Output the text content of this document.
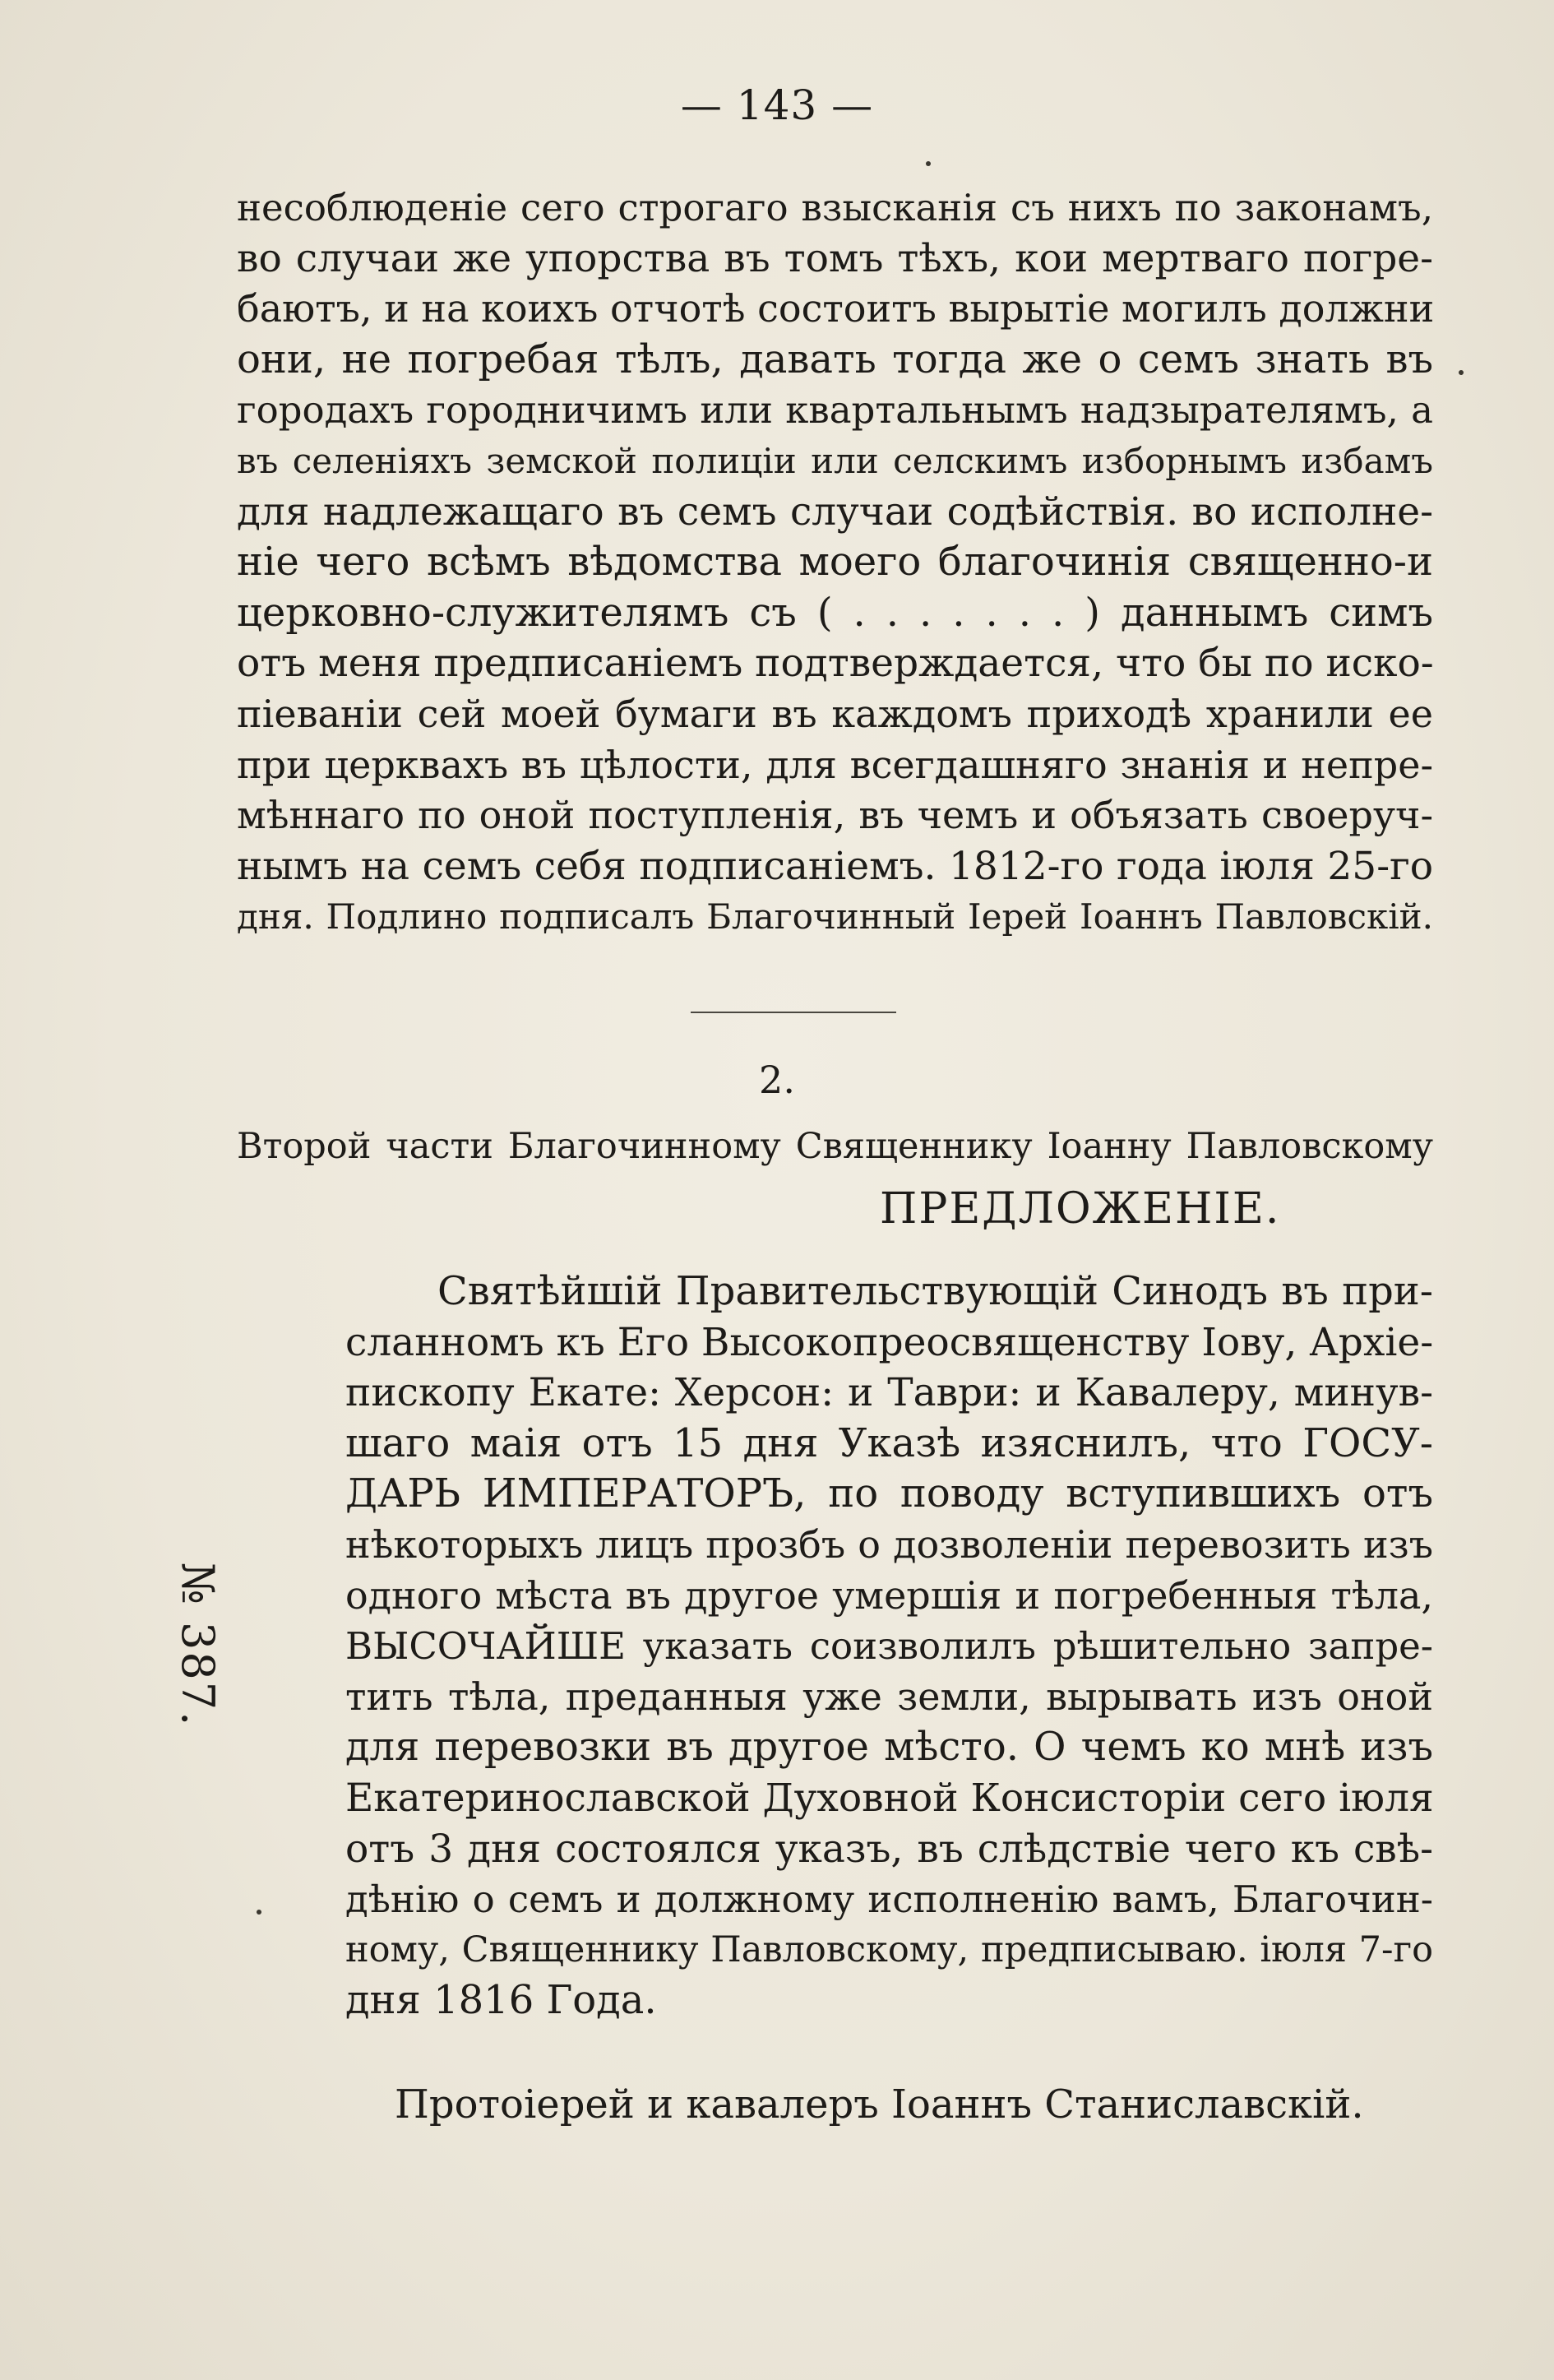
— 143 —
несоблюденіе сего строгаго взысканія съ нихъ по законамъ,
во случаи же упорства въ томъ тѣхъ, кои мертваго погре-
баютъ, и на коихъ отчотѣ состоитъ вырытіе могилъ должни
они, не погребая тѣлъ, давать тогда же о семъ знать въ
городахъ городничимъ или квартальнымъ надзырателямъ, а
въ селеніяхъ земской полиціи или селскимъ изборнымъ избамъ
для надлежащаго въ семъ случаи содѣйствія. во исполне-
ніе чего всѣмъ вѣдомства моего благочинія священно-и
церковно-служителямъ съ ( . . . . . . . ) даннымъ симъ
отъ меня предписаніемъ подтверждается, что бы по иско-
піеваніи сей моей бумаги въ каждомъ приходѣ хранили ее
при церквахъ въ цѣлости, для всегдашняго знанія и непре-
мѣннаго по оной поступленія, въ чемъ и объязать своеруч-
нымъ на семъ себя подписаніемъ. 1812-го года іюля 25-го
дня. Подлино подписалъ Благочинный Іерей Іоаннъ Павловскій.
2.
Второй части Благочинному Священнику Іоанну Павловскому
ПРЕДЛОЖЕНІЕ.
Святѣйшій Правительствующій Синодъ въ при-
сланномъ къ Его Высокопреосвященству Іову, Архіе-
пископу Екате: Херсон: и Таври: и Кавалеру, минув-
шаго маія отъ 15 дня Указѣ изяснилъ, что ГОСУ-
ДАРЬ ИМПЕРАТОРЪ, по поводу вступившихъ отъ
нѣкоторыхъ лицъ прозбъ о дозволеніи перевозить изъ
одного мѣста въ другое умершія и погребенныя тѣла,
ВЫСОЧАЙШЕ указать соизволилъ рѣшительно запре-
тить тѣла, преданныя уже земли, вырывать изъ оной
для перевозки въ другое мѣсто. О чемъ ко мнѣ изъ
Екатеринославской Духовной Консисторіи сего іюля
отъ 3 дня состоялся указъ, въ слѣдствіе чего къ свѣ-
дѣнію о семъ и должному исполненію вамъ, Благочин-
ному, Священнику Павловскому, предписываю. іюля 7-го
дня 1816 Года.
Протоіерей и кавалеръ Іоаннъ Станиславскій.
№ 387.
